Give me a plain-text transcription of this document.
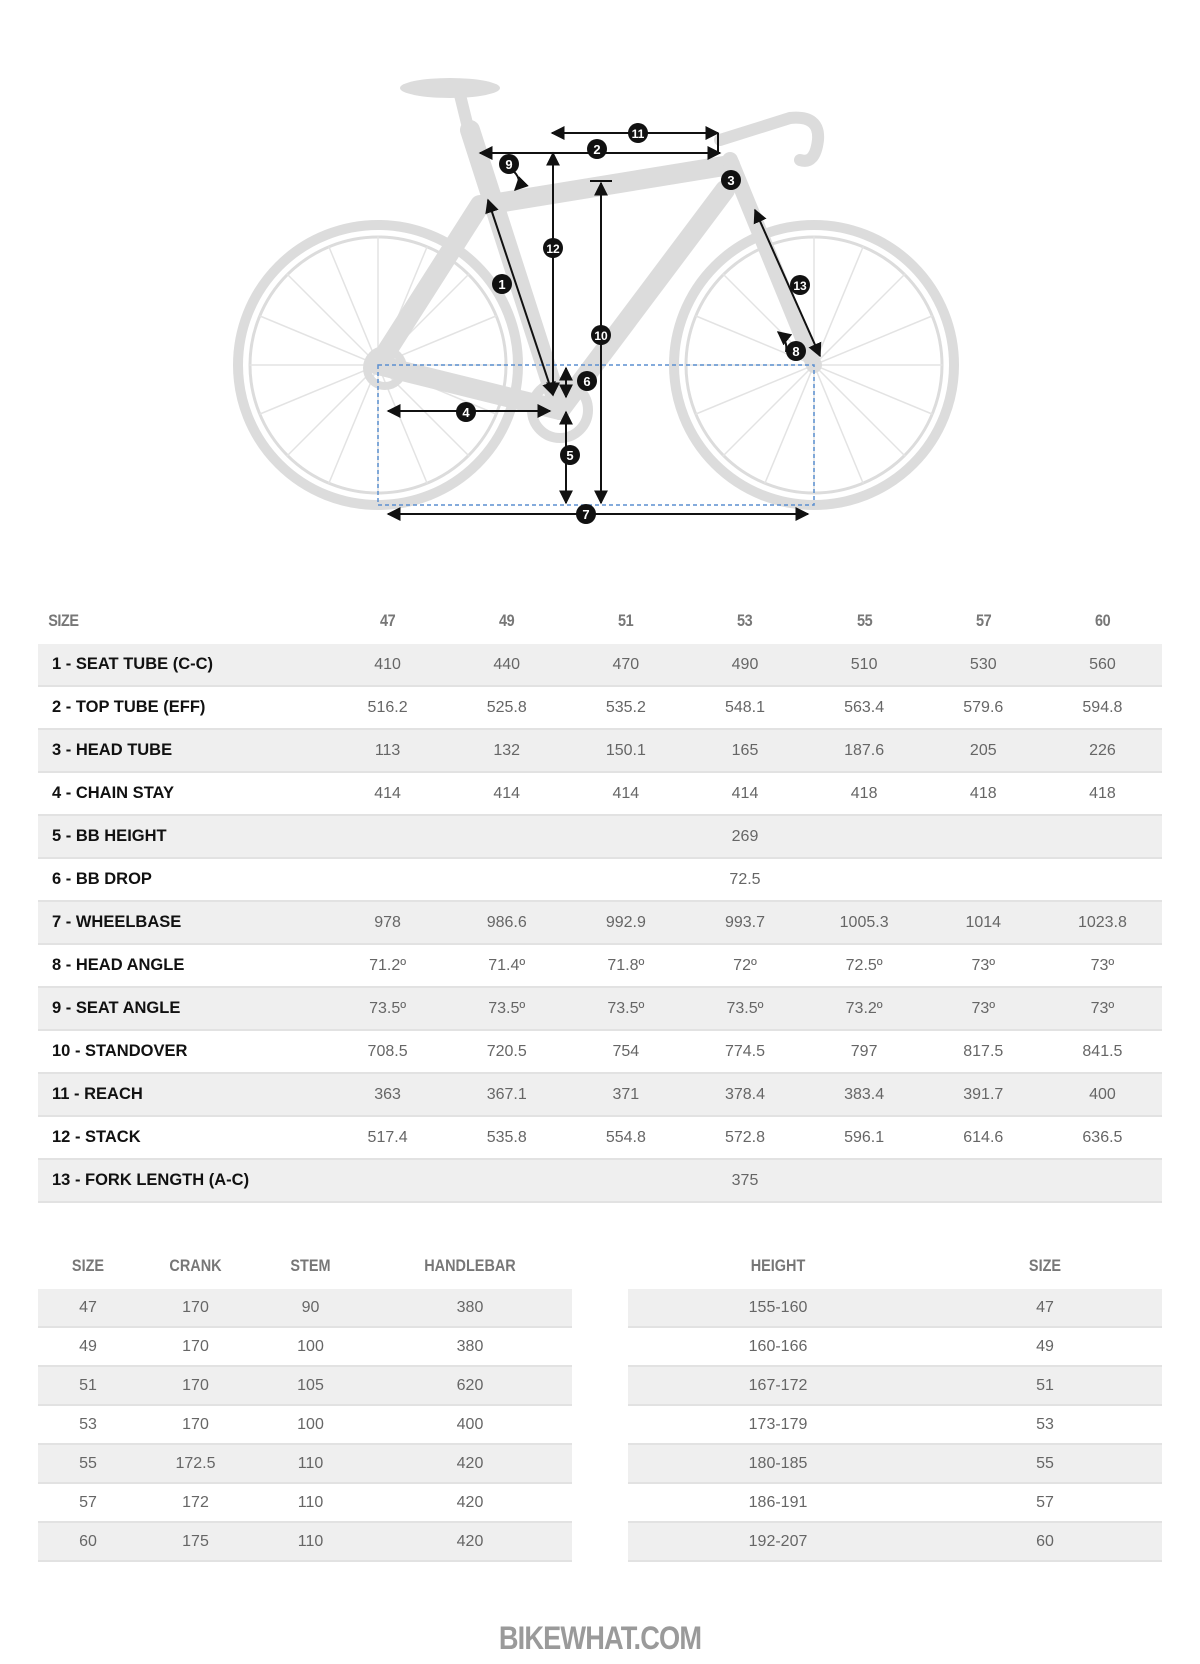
1
2
3
4
5
6
7
8
9
10
11
12
13
SIZE	47	49	51	53	55	57	60
1 - SEAT TUBE (C-C)	410	440	470	490	510	530	560
2 - TOP TUBE (EFF)	516.2	525.8	535.2	548.1	563.4	579.6	594.8
3 - HEAD TUBE	113	132	150.1	165	187.6	205	226
4 - CHAIN STAY	414	414	414	414	418	418	418
5 - BB HEIGHT	269						
6 - BB DROP	72.5						
7 - WHEELBASE	978	986.6	992.9	993.7	1005.3	1014	1023.8
8 - HEAD ANGLE	71.2º	71.4º	71.8º	72º	72.5º	73º	73º
9 - SEAT ANGLE	73.5º	73.5º	73.5º	73.5º	73.2º	73º	73º
10 - STANDOVER	708.5	720.5	754	774.5	797	817.5	841.5
11 - REACH	363	367.1	371	378.4	383.4	391.7	400
12 - STACK	517.4	535.8	554.8	572.8	596.1	614.6	636.5
13 - FORK LENGTH (A-C)	375						
SIZE	CRANK	STEM	HANDLEBAR
47	170	90	380
49	170	100	380
51	170	105	620
53	170	100	400
55	172.5	110	420
57	172	110	420
60	175	110	420
HEIGHT	SIZE
155-160	47
160-166	49
167-172	51
173-179	53
180-185	55
186-191	57
192-207	60
BIKEWHAT.COM
